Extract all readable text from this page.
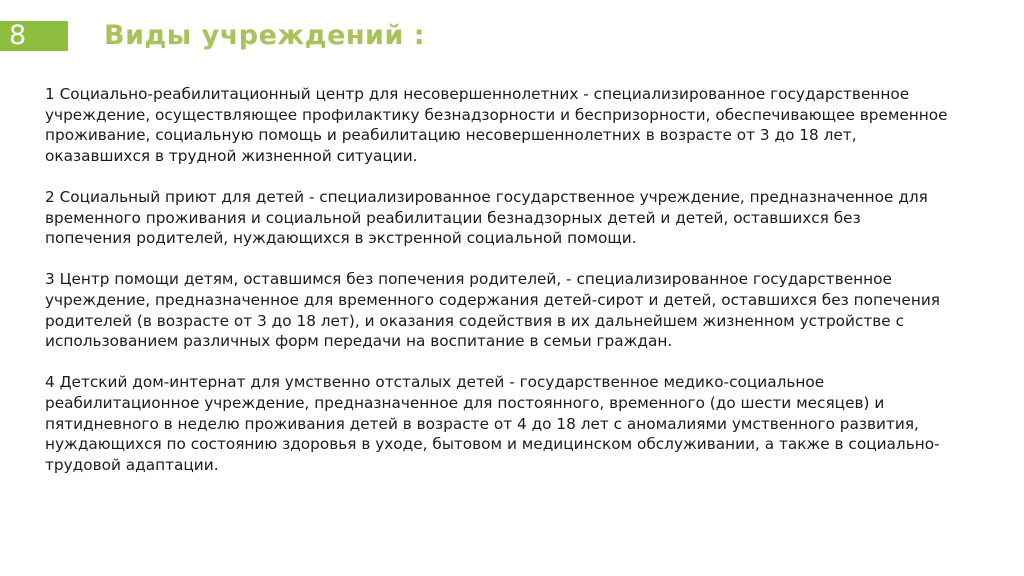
8	Виды учреждений :

1 Социально-реабилитационный центр для несовершеннолетних - специализированное государственное учреждение, осуществляющее профилактику безнадзорности и беспризорности, обеспечивающее временное проживание, социальную помощь и реабилитацию несовершеннолетних в возрасте от 3 до 18 лет, оказавшихся в трудной жизненной ситуации.

2 Социальный приют для детей - специализированное государственное учреждение, предназначенное для временного проживания и социальной реабилитации безнадзорных детей и детей, оставшихся без попечения родителей, нуждающихся в экстренной социальной помощи.

3 Центр помощи детям, оставшимся без попечения родителей, - специализированное государственное учреждение, предназначенное для временного содержания детей-сирот и детей, оставшихся без попечения родителей (в возрасте от 3 до 18 лет), и оказания содействия в их дальнейшем жизненном устройстве с использованием различных форм передачи на воспитание в семьи граждан.

4 Детский дом-интернат для умственно отсталых детей - государственное медико-социальное реабилитационное учреждение, предназначенное для постоянного, временного (до шести месяцев) и пятидневного в неделю проживания детей в возрасте от 4 до 18 лет с аномалиями умственного развития, нуждающихся по состоянию здоровья в уходе, бытовом и медицинском обслуживании, а также в социально-трудовой адаптации.
